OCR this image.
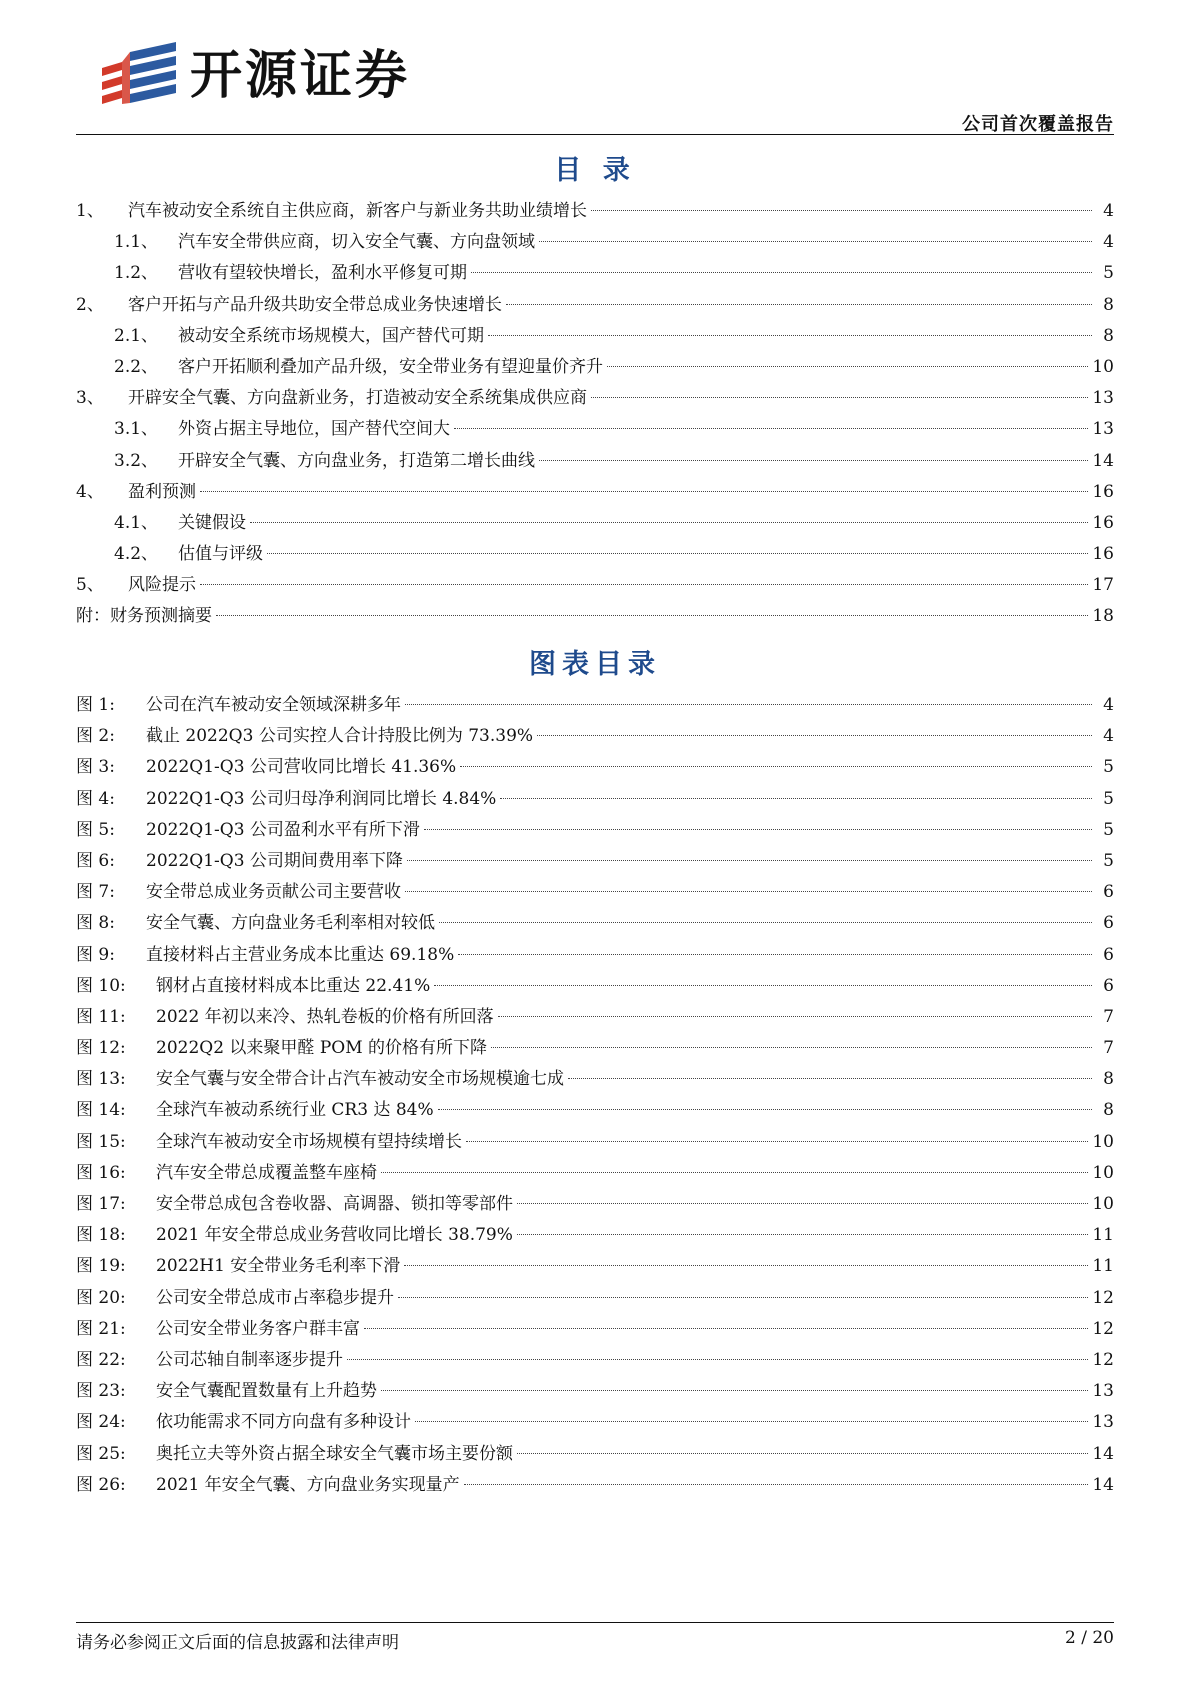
开源证券
公司首次覆盖报告
目 录
1、	汽车被动安全系统自主供应商，新客户与新业务共助业绩增长	4
1.1、	汽车安全带供应商，切入安全气囊、方向盘领域	4
1.2、	营收有望较快增长，盈利水平修复可期	5
2、	客户开拓与产品升级共助安全带总成业务快速增长	8
2.1、	被动安全系统市场规模大，国产替代可期	8
2.2、	客户开拓顺利叠加产品升级，安全带业务有望迎量价齐升	10
3、	开辟安全气囊、方向盘新业务，打造被动安全系统集成供应商	13
3.1、	外资占据主导地位，国产替代空间大	13
3.2、	开辟安全气囊、方向盘业务，打造第二增长曲线	14
4、	盈利预测	16
4.1、	关键假设	16
4.2、	估值与评级	16
5、	风险提示	17
附：财务预测摘要	18
图表目录
图 1:	公司在汽车被动安全领域深耕多年	4
图 2:	截止 2022Q3 公司实控人合计持股比例为 73.39%	4
图 3:	2022Q1-Q3 公司营收同比增长 41.36%	5
图 4:	2022Q1-Q3 公司归母净利润同比增长 4.84%	5
图 5:	2022Q1-Q3 公司盈利水平有所下滑	5
图 6:	2022Q1-Q3 公司期间费用率下降	5
图 7:	安全带总成业务贡献公司主要营收	6
图 8:	安全气囊、方向盘业务毛利率相对较低	6
图 9:	直接材料占主营业务成本比重达 69.18%	6
图 10:	钢材占直接材料成本比重达 22.41%	6
图 11:	2022 年初以来冷、热轧卷板的价格有所回落	7
图 12:	2022Q2 以来聚甲醛 POM 的价格有所下降	7
图 13:	安全气囊与安全带合计占汽车被动安全市场规模逾七成	8
图 14:	全球汽车被动系统行业 CR3 达 84%	8
图 15:	全球汽车被动安全市场规模有望持续增长	10
图 16:	汽车安全带总成覆盖整车座椅	10
图 17:	安全带总成包含卷收器、高调器、锁扣等零部件	10
图 18:	2021 年安全带总成业务营收同比增长 38.79%	11
图 19:	2022H1 安全带业务毛利率下滑	11
图 20:	公司安全带总成市占率稳步提升	12
图 21:	公司安全带业务客户群丰富	12
图 22:	公司芯轴自制率逐步提升	12
图 23:	安全气囊配置数量有上升趋势	13
图 24:	依功能需求不同方向盘有多种设计	13
图 25:	奥托立夫等外资占据全球安全气囊市场主要份额	14
图 26:	2021 年安全气囊、方向盘业务实现量产	14
请务必参阅正文后面的信息披露和法律声明	2 / 20
